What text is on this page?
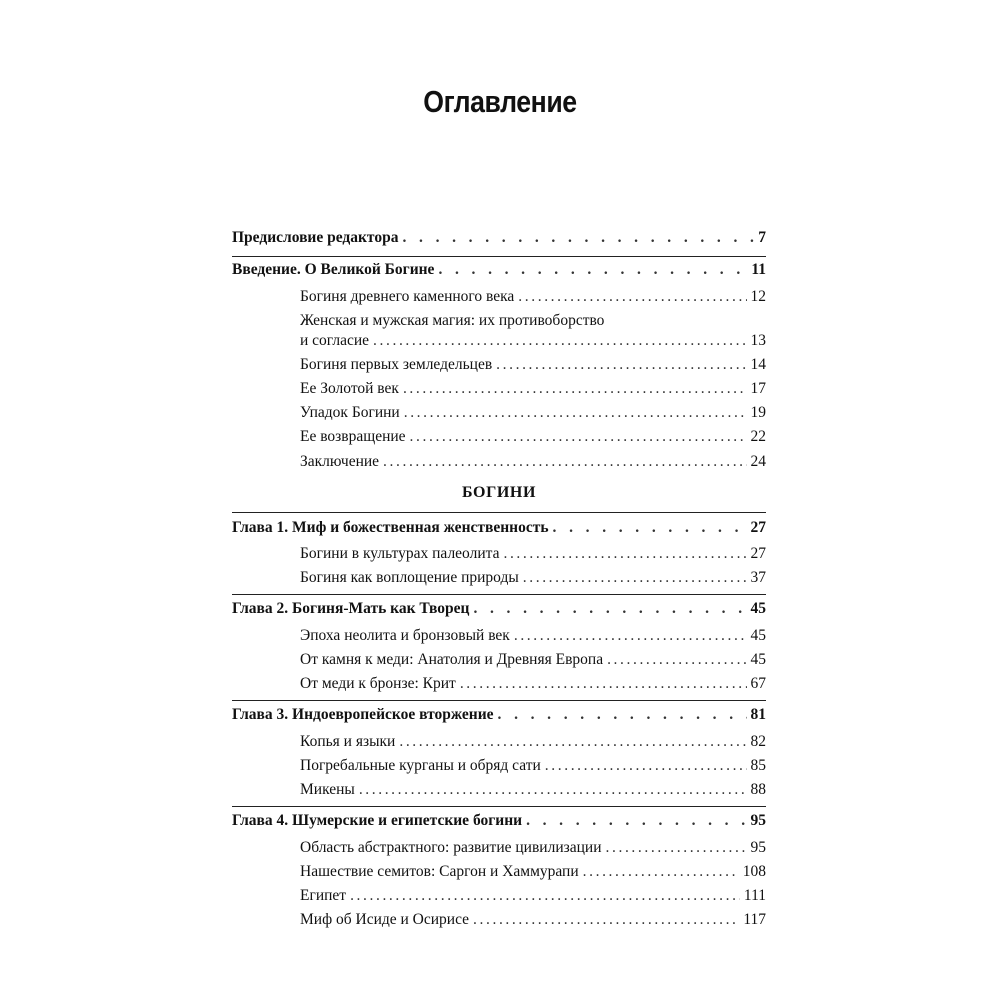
Оглавление
Предисловие редактора . . .	7
Введение. О Великой Богине . . .	11
Богиня древнего каменного века .....	12
Женская и мужская магия: их противоборство
и согласие .....	13
Богиня первых земледельцев .....	14
Ее Золотой век .....	17
Упадок Богини .....	19
Ее возвращение .....	22
Заключение .....	24
БОГИНИ
Глава 1. Миф и божественная женственность . . .	27
Богини в культурах палеолита .....	27
Богиня как воплощение природы .....	37
Глава 2. Богиня-Мать как Творец . . .	45
Эпоха неолита и бронзовый век .....	45
От камня к меди: Анатолия и Древняя Европа .....	45
От меди к бронзе: Крит .....	67
Глава 3. Индоевропейское вторжение . . .	81
Копья и языки .....	82
Погребальные курганы и обряд сати .....	85
Микены .....	88
Глава 4. Шумерские и египетские богини . . .	95
Область абстрактного: развитие цивилизации .....	95
Нашествие семитов: Саргон и Хаммурапи .....	108
Египет .....	111
Миф об Исиде и Осирисе .....	117
